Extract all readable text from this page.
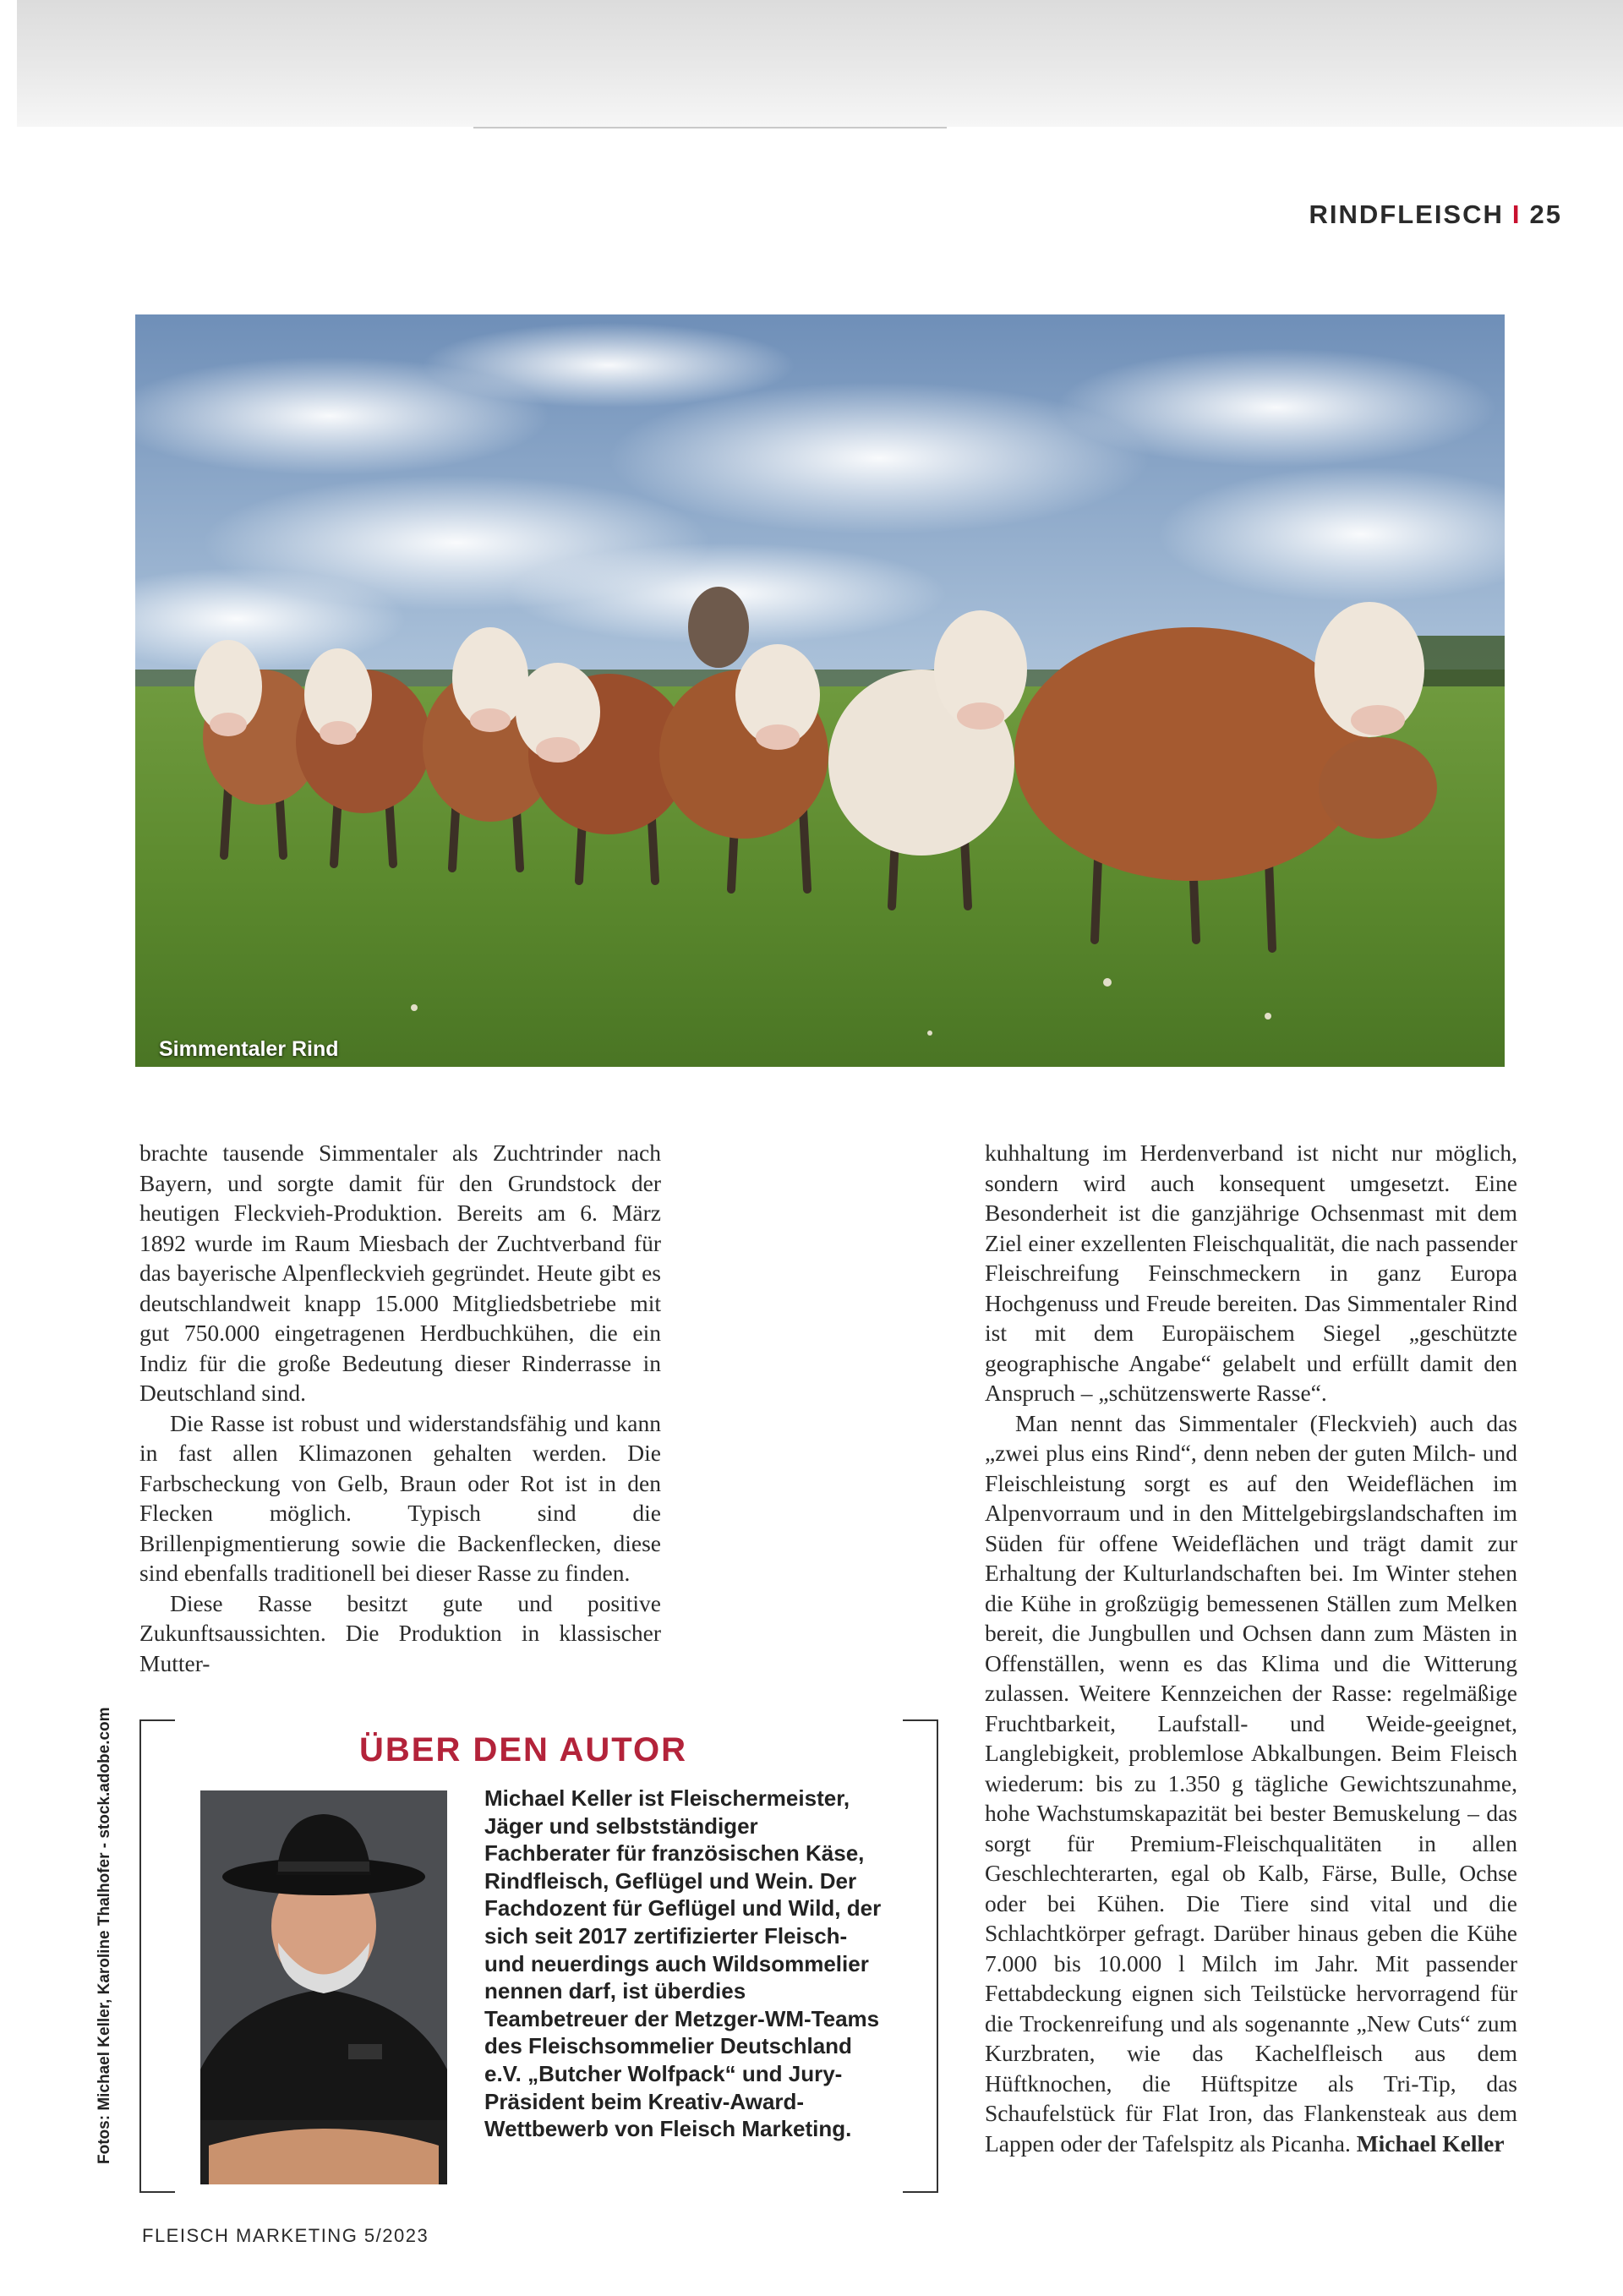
RINDFLEISCH I 25
Simmentaler Rind

brachte tausende Simmentaler als Zuchtrinder nach Bayern, und sorgte damit für den Grundstock der heutigen Fleckvieh-Produktion. Bereits am 6. März 1892 wurde im Raum Miesbach der Zuchtverband für das bayerische Alpenfleckvieh gegründet. Heute gibt es deutschlandweit knapp 15.000 Mitgliedsbetriebe mit gut 750.000 eingetragenen Herdbuchkühen, die ein Indiz für die große Bedeutung dieser Rinderrasse in Deutschland sind.

Die Rasse ist robust und widerstandsfähig und kann in fast allen Klimazonen gehalten werden. Die Farbscheckung von Gelb, Braun oder Rot ist in den Flecken möglich. Typisch sind die Brillenpigmentierung sowie die Backenflecken, diese sind ebenfalls traditionell bei dieser Rasse zu finden.

Diese Rasse besitzt gute und positive Zukunftsaussichten. Die Produktion in klassischer Mutter-

kuhhaltung im Herdenverband ist nicht nur möglich, sondern wird auch konsequent umgesetzt. Eine Besonderheit ist die ganzjährige Ochsenmast mit dem Ziel einer exzellenten Fleischqualität, die nach passender Fleischreifung Feinschmeckern in ganz Europa Hochgenuss und Freude bereiten. Das Simmentaler Rind ist mit dem Europäischem Siegel „geschützte geographische Angabe“ gelabelt und erfüllt damit den Anspruch – „schützenswerte Rasse“.

Man nennt das Simmentaler (Fleckvieh) auch das „zwei plus eins Rind“, denn neben der guten Milch- und Fleischleistung sorgt es auf den Weideflächen im Alpenvorraum und in den Mittelgebirgslandschaften im Süden für offene Weideflächen und trägt damit zur Erhaltung der Kulturlandschaften bei. Im Winter stehen die Kühe in großzügig bemessenen Ställen zum Melken bereit, die Jungbullen und Ochsen dann zum Mästen in Offenställen, wenn es das Klima und die Witterung zulassen. Weitere Kennzeichen der Rasse: regelmäßige Fruchtbarkeit, Laufstall- und Weide-geeignet, Langlebigkeit, problemlose Abkalbungen. Beim Fleisch wiederum: bis zu 1.350 g tägliche Gewichtszunahme, hohe Wachstumskapazität bei bester Bemuskelung – das sorgt für Premium-Fleischqualitäten in allen Geschlechterarten, egal ob Kalb, Färse, Bulle, Ochse oder bei Kühen. Die Tiere sind vital und die Schlachtkörper gefragt. Darüber hinaus geben die Kühe 7.000 bis 10.000 l Milch im Jahr. Mit passender Fettabdeckung eignen sich Teilstücke hervorragend für die Trockenreifung und als sogenannte „New Cuts“ zum Kurzbraten, wie das Kachelfleisch aus dem Hüftknochen, die Hüftspitze als Tri-Tip, das Schaufelstück für Flat Iron, das Flankensteak aus dem Lappen oder der Tafelspitz als Picanha. Michael Keller

ÜBER DEN AUTOR
Michael Keller ist Fleischermeister, Jäger und selbstständiger Fachberater für französischen Käse, Rindfleisch, Geflügel und Wein. Der Fachdozent für Geflügel und Wild, der sich seit 2017 zertifizierter Fleisch- und neuerdings auch Wildsommelier nennen darf, ist überdies Teambetreuer der Metzger-WM-Teams des Fleischsommelier Deutschland e.V. „Butcher Wolfpack“ und Jury-Präsident beim Kreativ-Award-Wettbewerb von Fleisch Marketing.
Fotos: Michael Keller, Karoline Thalhofer - stock.adobe.com
FLEISCH MARKETING 5/2023
